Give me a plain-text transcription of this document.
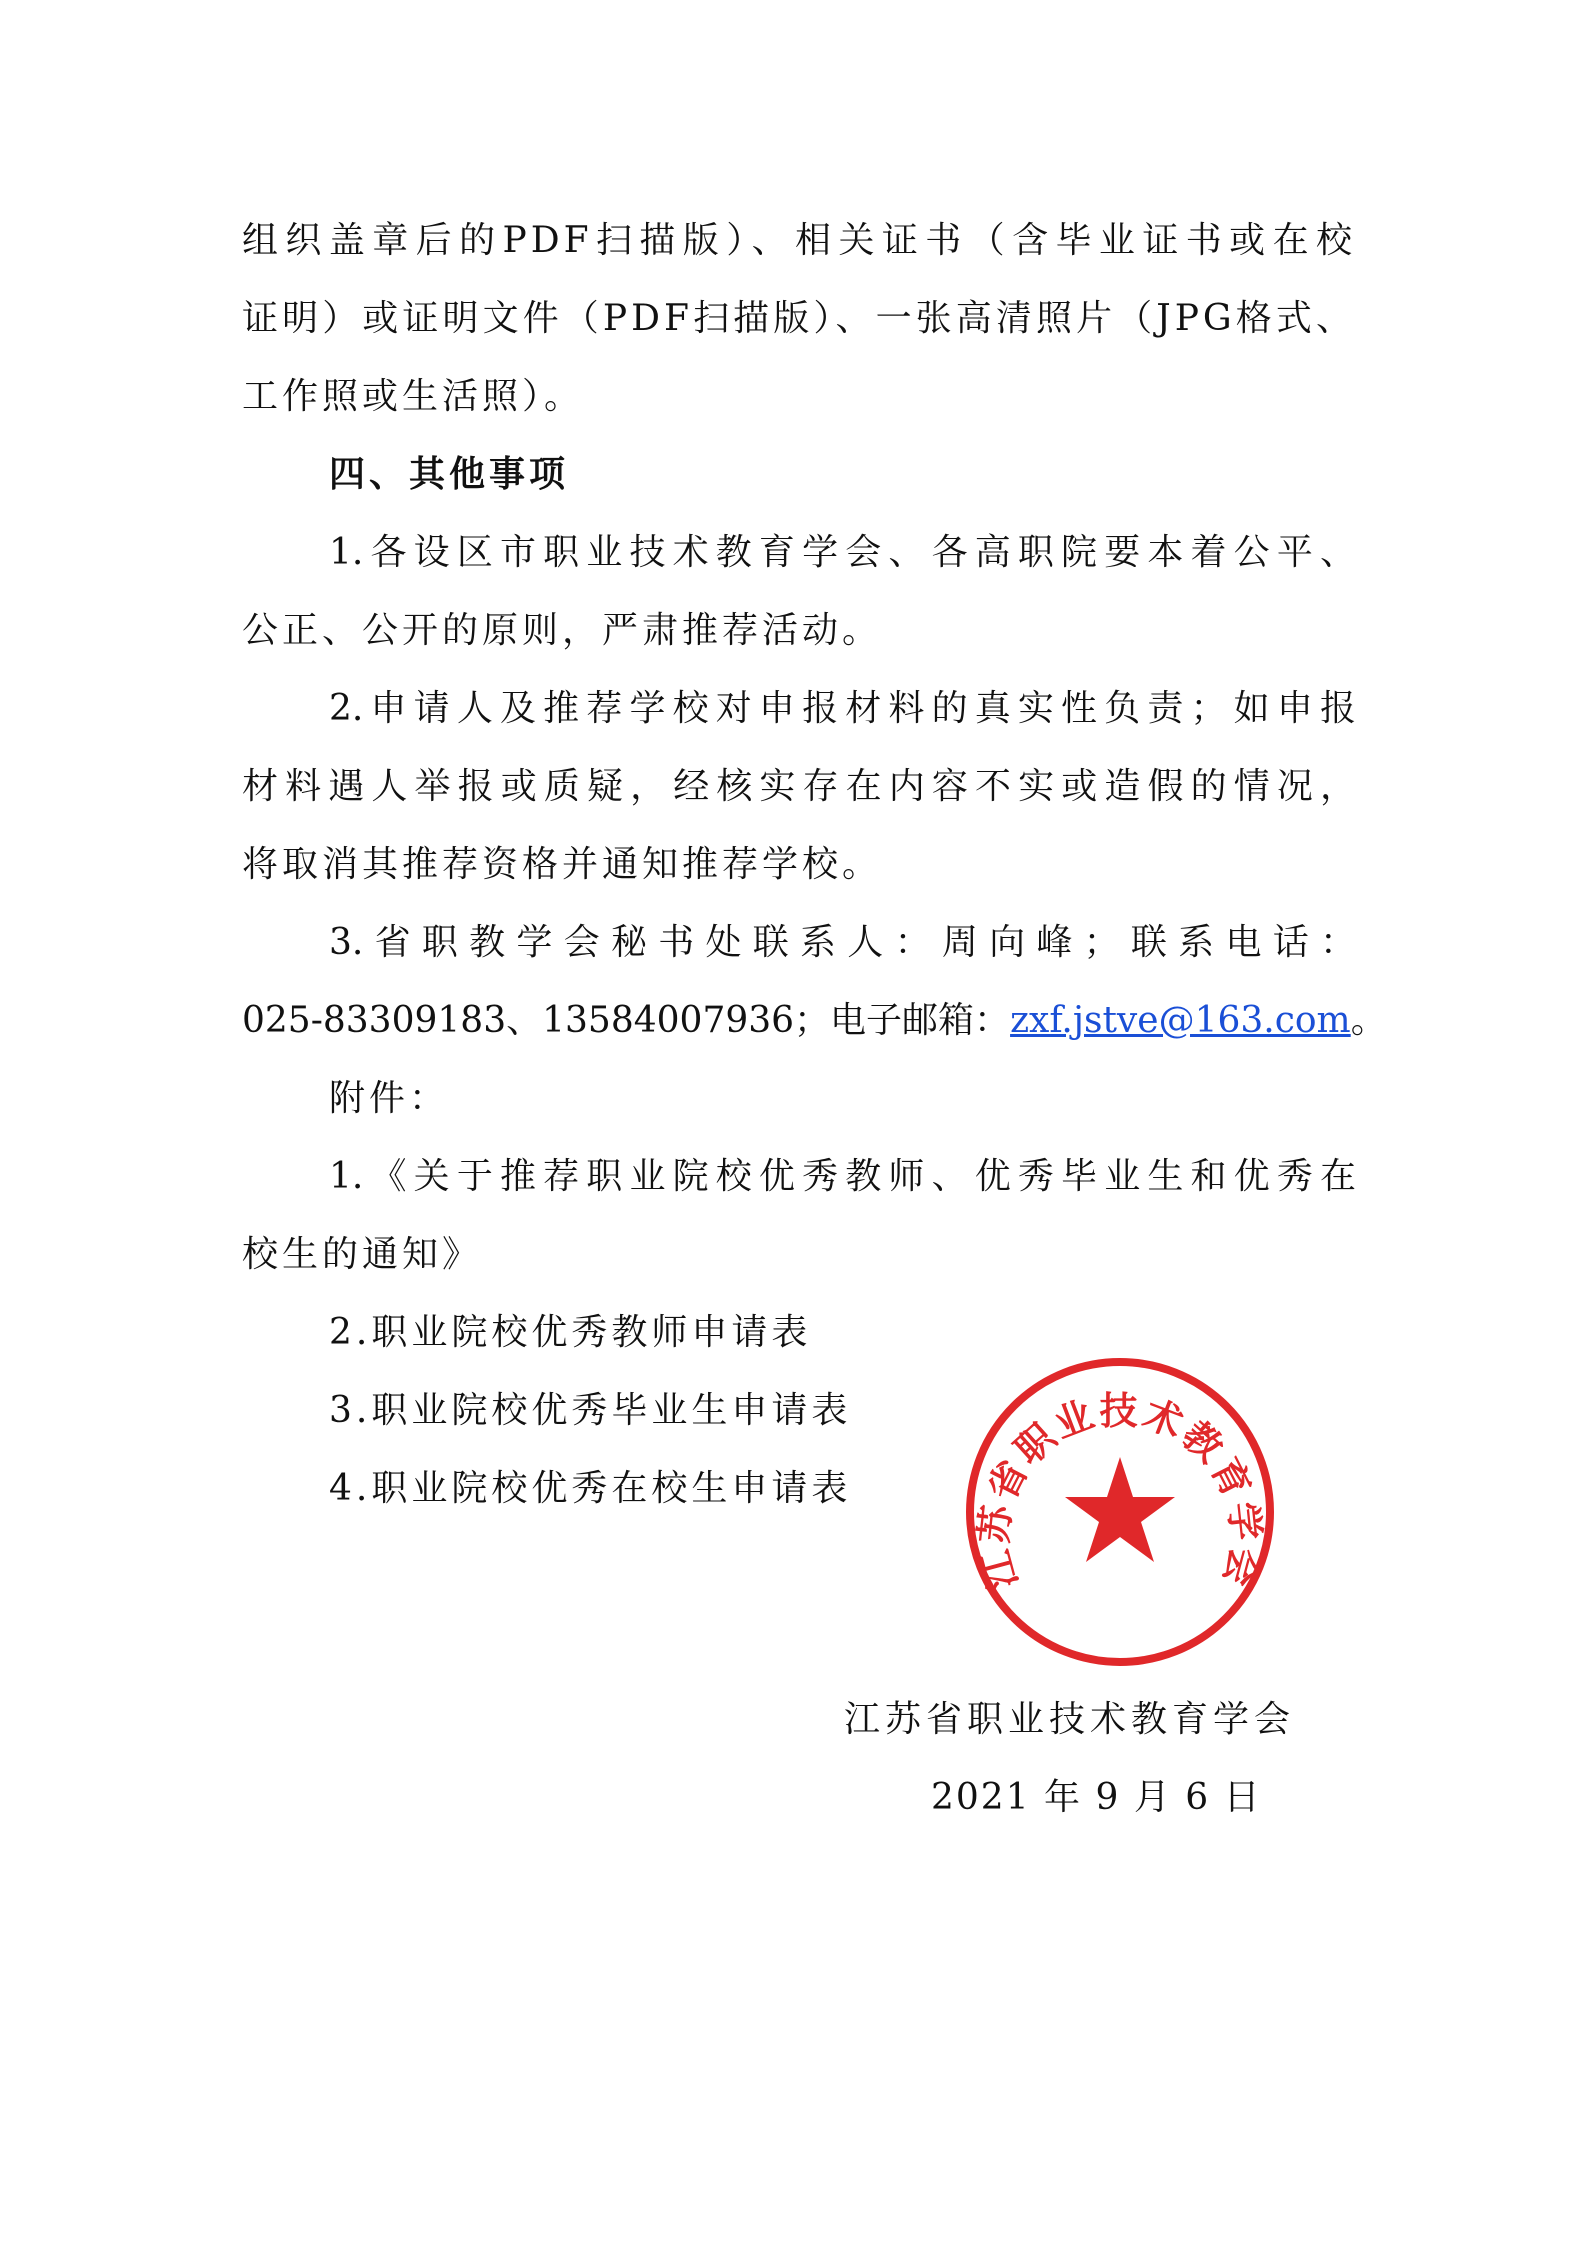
组织盖章后的PDF扫描版）、相关证书（含毕业证书或在校
证明）或证明文件（PDF扫描版）、一张高清照片（JPG格式、
工作照或生活照）。
四、其他事项
1.各设区市职业技术教育学会、各高职院要本着公平、
公正、公开的原则，严肃推荐活动。
2.申请人及推荐学校对申报材料的真实性负责；如申报
材料遇人举报或质疑，经核实存在内容不实或造假的情况，
将取消其推荐资格并通知推荐学校。
3.省职教学会秘书处联系人：周向峰；联系电话：
025-83309183、13584007936；电子邮箱：zxf.jstve@163.com。
附件：
1.《关于推荐职业院校优秀教师、优秀毕业生和优秀在
校生的通知》
2.职业院校优秀教师申请表
3.职业院校优秀毕业生申请表
4.职业院校优秀在校生申请表
江苏省职业技术教育学会
2021 年 9 月 6 日
江苏省职业技术教育学会
